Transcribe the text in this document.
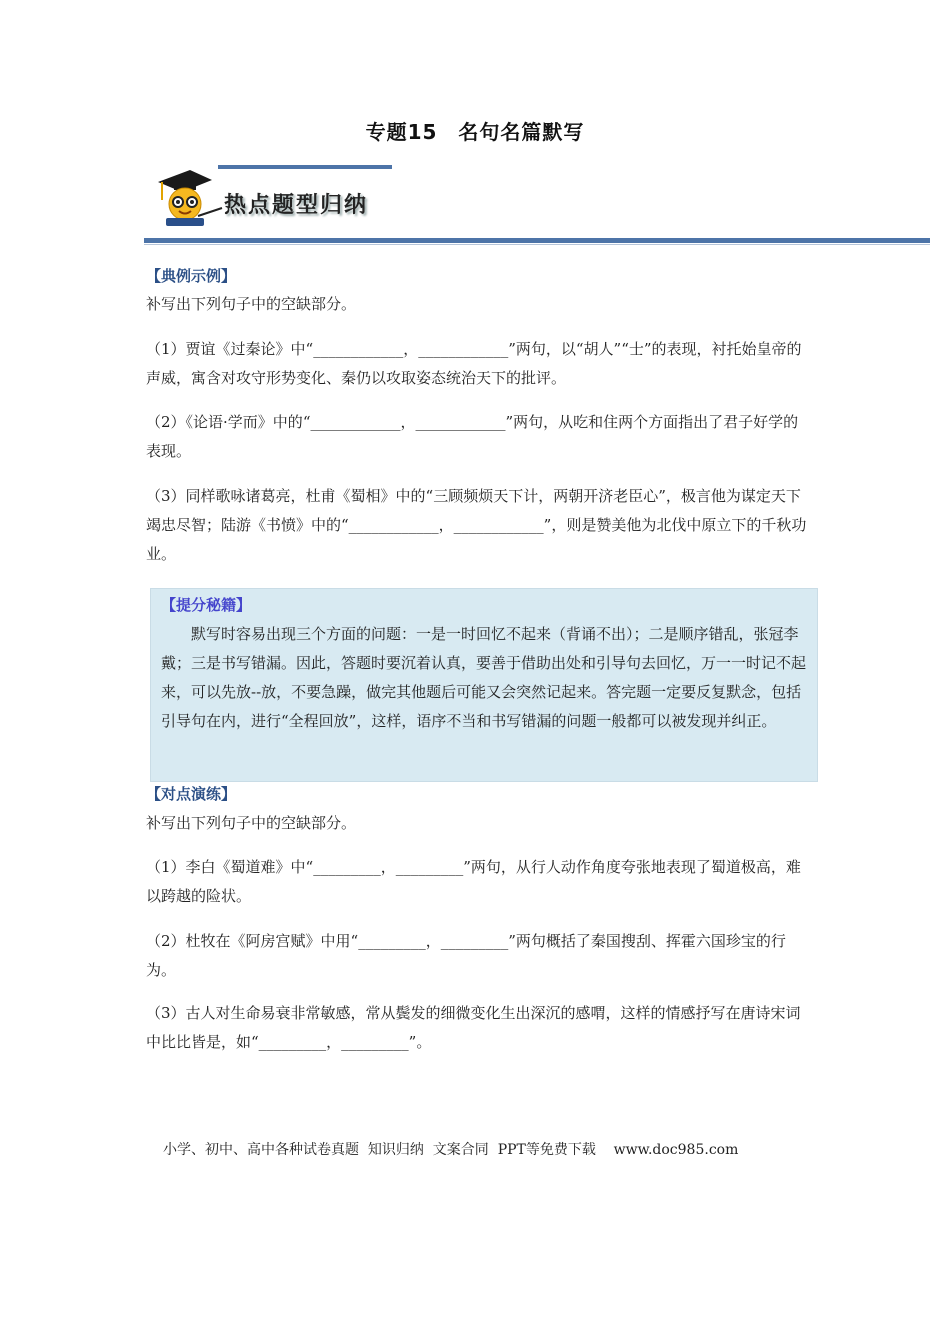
专题15　名句名篇默写
热点题型归纳
【典例示例】
补写出下列句子中的空缺部分。
（1）贾谊《过秦论》中“____________，____________”两句，以“胡人”“士”的表现，衬托始皇帝的声威，寓含对攻守形势变化、秦仍以攻取姿态统治天下的批评。
（2）《论语·学而》中的“____________，____________”两句，从吃和住两个方面指出了君子好学的表现。
（3）同样歌咏诸葛亮，杜甫《蜀相》中的“三顾频烦天下计，两朝开济老臣心”，极言他为谋定天下竭忠尽智；陆游《书愤》中的“____________，____________”，则是赞美他为北伐中原立下的千秋功业。
【提分秘籍】
默写时容易出现三个方面的问题：一是一时回忆不起来（背诵不出）；二是顺序错乱，张冠李戴；三是书写错漏。因此，答题时要沉着认真，要善于借助出处和引导句去回忆，万一一时记不起来，可以先放--放，不要急躁，做完其他题后可能又会突然记起来。答完题一定要反复默念，包括引导句在内，进行“全程回放”，这样，语序不当和书写错漏的问题一般都可以被发现并纠正。
【对点演练】
补写出下列句子中的空缺部分。
（1）李白《蜀道难》中“_________，_________”两句，从行人动作角度夸张地表现了蜀道极高，难以跨越的险状。
（2）杜牧在《阿房宫赋》中用“_________，_________”两句概括了秦国搜刮、挥霍六国珍宝的行为。
（3）古人对生命易衰非常敏感，常从鬓发的细微变化生出深沉的感喟，这样的情感抒写在唐诗宋词中比比皆是，如“_________，_________”。
小学、初中、高中各种试卷真题  知识归纳  文案合同  PPT等免费下载    www.doc985.com
